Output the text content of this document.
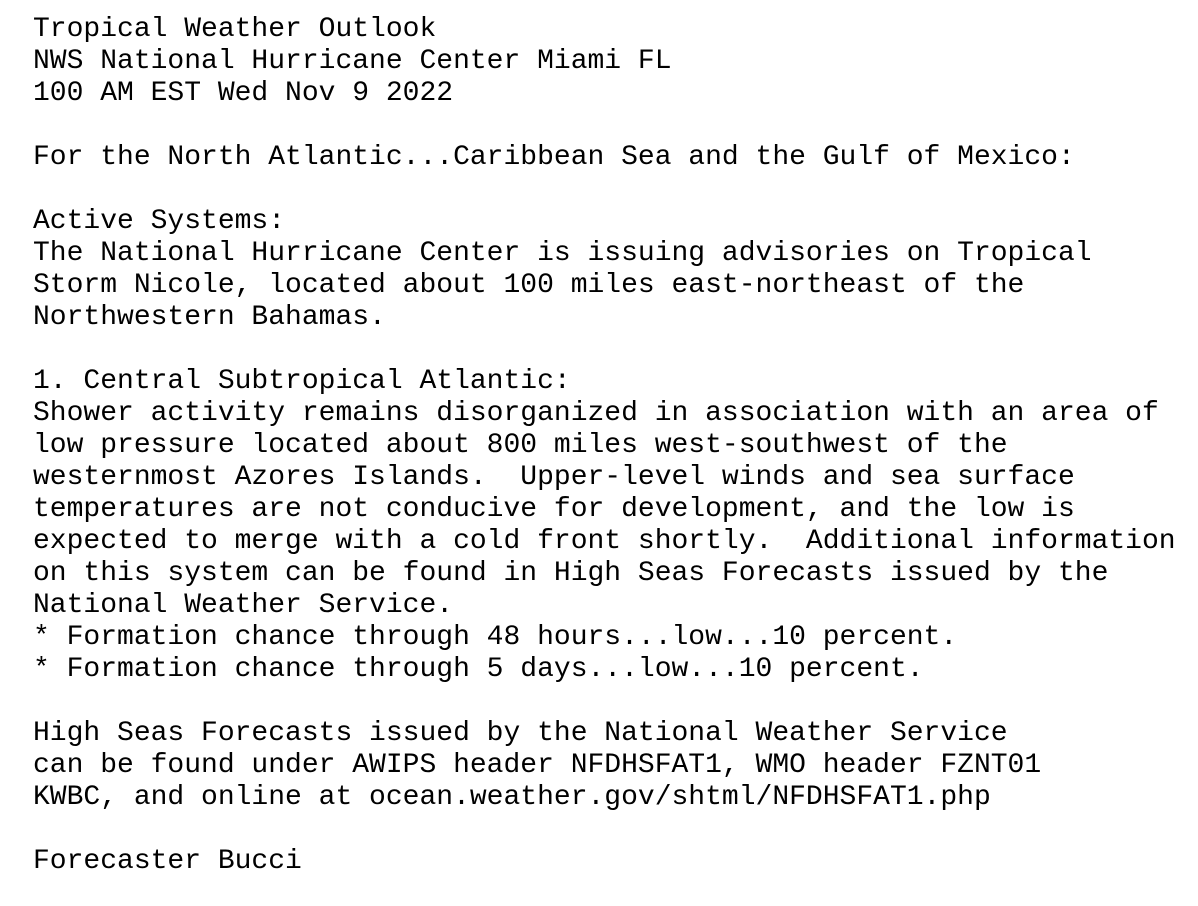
Tropical Weather Outlook
NWS National Hurricane Center Miami FL
100 AM EST Wed Nov 9 2022
For the North Atlantic...Caribbean Sea and the Gulf of Mexico:
Active Systems:
The National Hurricane Center is issuing advisories on Tropical
Storm Nicole, located about 100 miles east-northeast of the
Northwestern Bahamas.
1. Central Subtropical Atlantic:
Shower activity remains disorganized in association with an area of
low pressure located about 800 miles west-southwest of the
westernmost Azores Islands.  Upper-level winds and sea surface
temperatures are not conducive for development, and the low is
expected to merge with a cold front shortly.  Additional information
on this system can be found in High Seas Forecasts issued by the
National Weather Service.
* Formation chance through 48 hours...low...10 percent.
* Formation chance through 5 days...low...10 percent.
High Seas Forecasts issued by the National Weather Service
can be found under AWIPS header NFDHSFAT1, WMO header FZNT01
KWBC, and online at ocean.weather.gov/shtml/NFDHSFAT1.php
Forecaster Bucci
